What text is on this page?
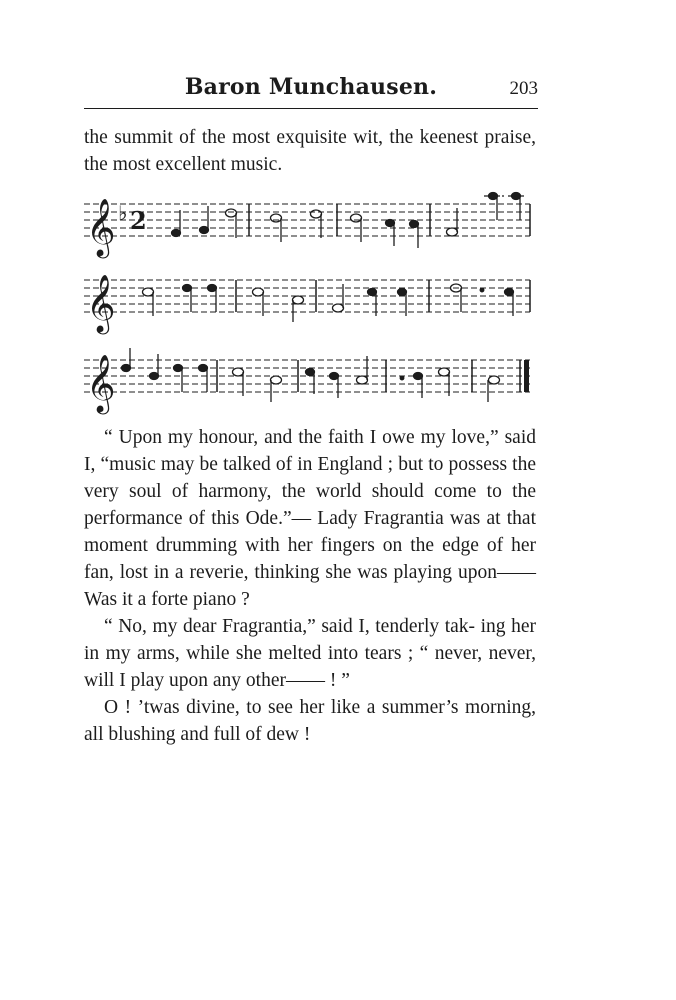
Baron Munchausen.	203

the summit of the most exquisite wit, the keenest praise, the most excellent music.

𝄞
𝄞
𝄞
♭ 2

“ Upon my honour, and the faith I owe my love,” said I, “music may be talked of in England ; but to possess the very soul of harmony, the world should come to the performance of this Ode.”— Lady Fragrantia was at that moment drumming with her fingers on the edge of her fan, lost in a reverie, thinking she was playing upon——Was it a forte piano ?

“ No, my dear Fragrantia,” said I, tenderly tak- ing her in my arms, while she melted into tears ; “ never, never, will I play upon any other—— ! ”

O ! ’twas divine, to see her like a summer’s morning, all blushing and full of dew !
